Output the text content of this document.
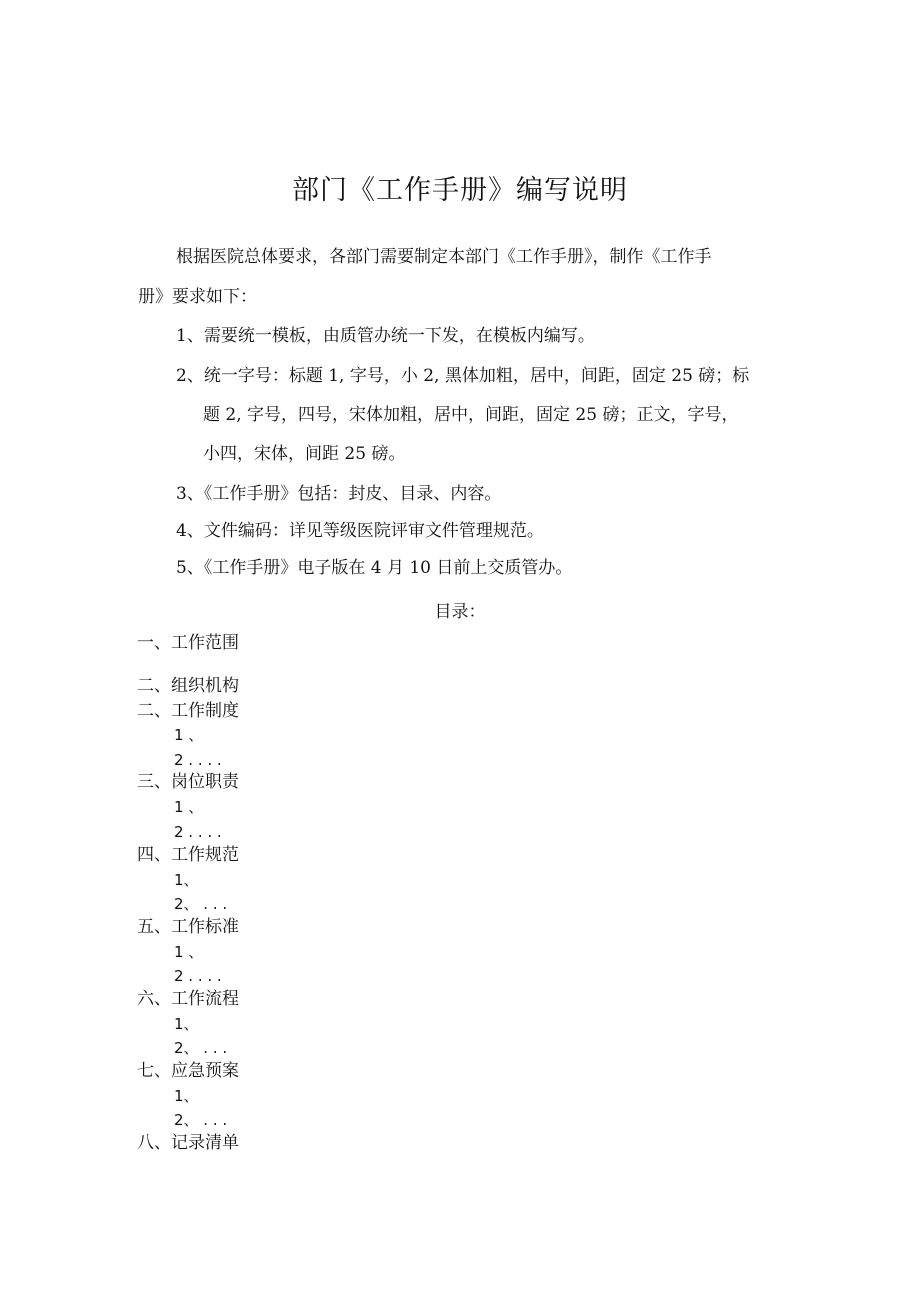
部门《工作手册》编写说明
根据医院总体要求，各部门需要制定本部门《工作手册》，制作《工作手
册》要求如下：
1、需要统一模板，由质管办统一下发，在模板内编写。
2、统一字号：标题 1, 字号，小 2, 黑体加粗，居中，间距，固定 25 磅；标
题 2, 字号，四号，宋体加粗，居中，间距，固定 25 磅；正文，字号，
小四，宋体，间距 25 磅。
3、《工作手册》包括：封皮、目录、内容。
4、文件编码：详见等级医院评审文件管理规范。
5、《工作手册》电子版在 4 月 10 日前上交质管办。
目录：
一、工作范围
二、组织机构
二、工作制度
1 、
2 . . . .
三、岗位职责
1 、
2 . . . .
四、工作规范
1、
2、 . . .
五、工作标准
1 、
2 . . . .
六、工作流程
1、
2、 . . .
七、应急预案
1、
2、 . . .
八、记录清单
